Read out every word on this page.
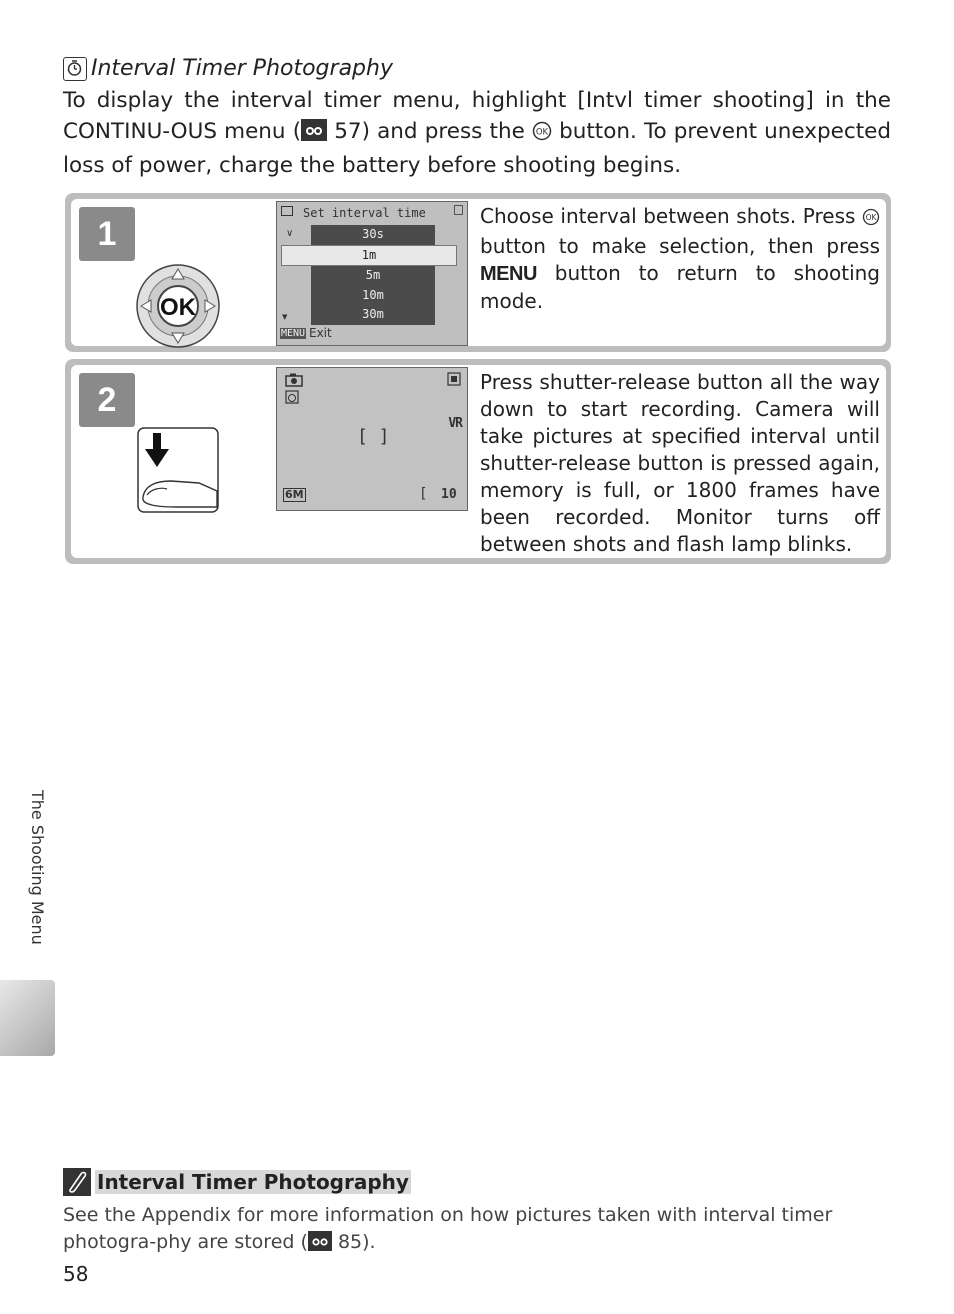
Interval Timer Photography
To display the interval timer menu, highlight [Intvl timer shooting] in the CONTINU-OUS menu ( 57) and press the OK button. To prevent unexpected loss of power, charge the battery before shooting begins.
1
OK
Set interval time
∨	30s
1m
5m
10m
30m
▼
MENU Exit
Choose interval between shots. Press OK
button to make selection, then press MENU button to return to shooting mode.
2
VR
[ ]
6M	[ 10
Press shutter-release button all the way down to start recording. Camera will take pictures at specified interval until shutter-release button is pressed again, memory is full, or 1800 frames have been recorded. Monitor turns off between shots and flash lamp blinks.
The Shooting Menu
Interval Timer Photography
See the Appendix for more information on how pictures taken with interval timer photogra-phy are stored ( 85).
58
